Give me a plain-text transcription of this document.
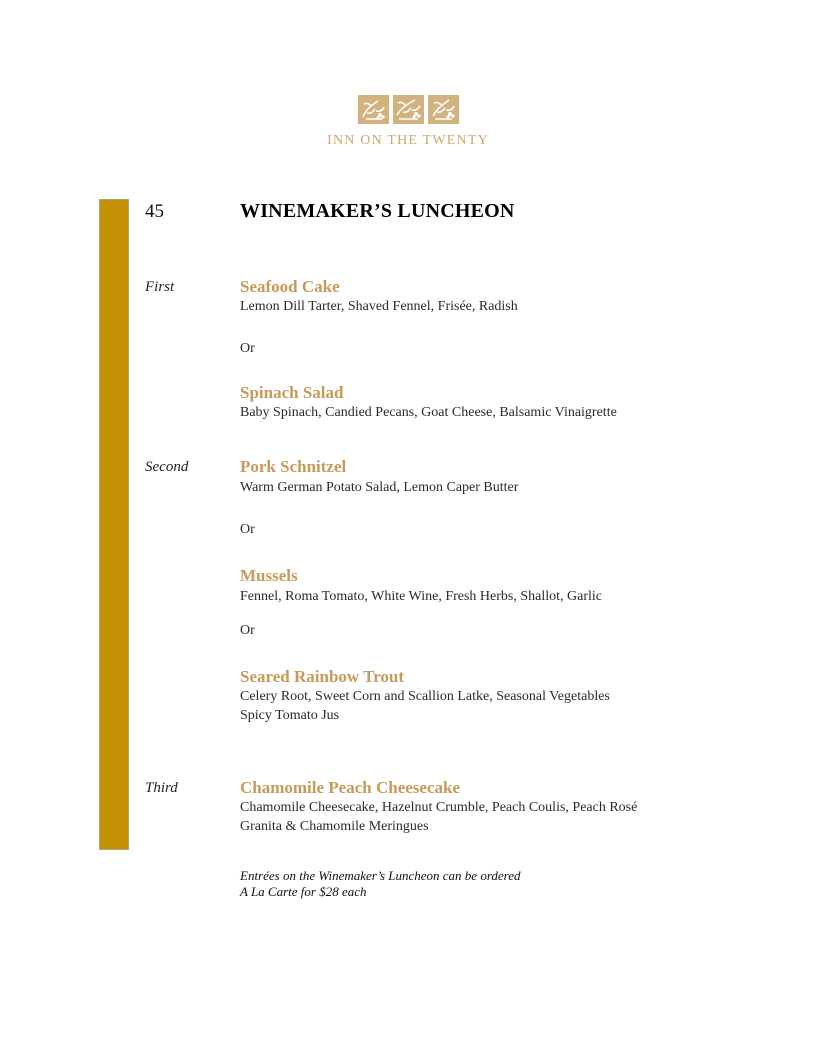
INN ON THE TWENTY
45	WINEMAKER’S LUNCHEON
First	Seafood Cake
Lemon Dill Tarter, Shaved Fennel, Frisée, Radish
Or
Spinach Salad
Baby Spinach, Candied Pecans, Goat Cheese, Balsamic Vinaigrette
Second	Pork Schnitzel
Warm German Potato Salad, Lemon Caper Butter
Or
Mussels
Fennel, Roma Tomato, White Wine, Fresh Herbs, Shallot, Garlic
Or
Seared Rainbow Trout
Celery Root, Sweet Corn and Scallion Latke, Seasonal Vegetables
Spicy Tomato Jus
Third	Chamomile Peach Cheesecake
Chamomile Cheesecake, Hazelnut Crumble, Peach Coulis, Peach Rosé
Granita & Chamomile Meringues
Entrées on the Winemaker’s Luncheon can be ordered
A La Carte for $28 each
